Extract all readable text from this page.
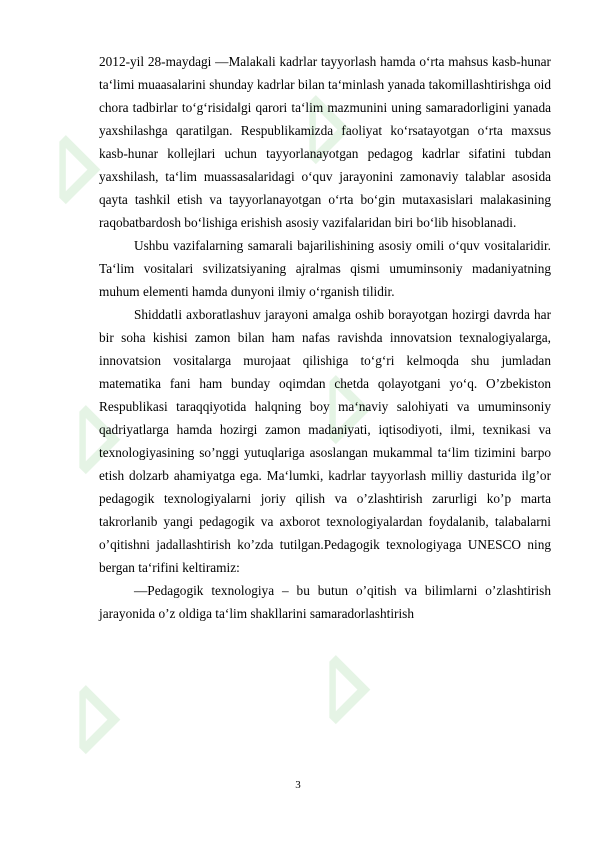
⊿ ⊿
⊿ ⊿
⊿ ⊿

2012-yil 28-maydagi ―Malakali kadrlar tayyorlash hamda o‘rta mahsus kasb-hunar ta‘limi muaasalarini shunday kadrlar bilan ta‘minlash yanada takomillashtirishga oid chora tadbirlar to‘g‘risida‖gi qarori ta‘lim mazmunini uning samaradorligini yanada yaxshilashga qaratilgan. Respublikamizda faoliyat ko‘rsatayotgan o‘rta maxsus kasb-hunar kollejlari uchun tayyorlanayotgan pedagog kadrlar sifatini tubdan yaxshilash, ta‘lim muassasalaridagi o‘quv jarayonini zamonaviy talablar asosida qayta tashkil etish va tayyorlanayotgan o‘rta bo‘gin mutaxasislari malakasining raqobatbardosh bo‘lishiga erishish asosiy vazifalaridan biri bo‘lib hisoblanadi.

Ushbu vazifalarning samarali bajarilishining asosiy omili o‘quv vositalaridir. Ta‘lim vositalari svilizatsiyaning ajralmas qismi umuminsoniy madaniyatning muhum elementi hamda dunyoni ilmiy o‘rganish tilidir.

Shiddatli axboratlashuv jarayoni amalga oshib borayotgan hozirgi davrda har bir soha kishisi zamon bilan ham nafas ravishda innovatsion texnalogiyalarga, innovatsion vositalarga murojaat qilishiga to‘g‘ri kelmoqda shu jumladan matematika fani ham bunday oqimdan chetda qolayotgani yo‘q. O’zbekiston Respublikasi taraqqiyotida halqning boy ma‘naviy salohiyati va umuminsoniy qadriyatlarga hamda hozirgi zamon madaniyati, iqtisodiyoti, ilmi, texnikasi va texnologiyasining so’nggi yutuqlariga asoslangan mukammal ta‘lim tizimini barpo etish dolzarb ahamiyatga ega. Ma‘lumki, kadrlar tayyorlash milliy dasturida ilg’or pedagogik texnologiyalarni joriy qilish va o’zlashtirish zarurligi ko’p marta takrorlanib yangi pedagogik va axborot texnologiyalardan foydalanib, talabalarni o’qitishni jadallashtirish ko’zda tutilgan.Pedagogik texnologiyaga UNESCO ning bergan ta‘rifini keltiramiz:

―Pedagogik texnologiya – bu butun o’qitish va bilimlarni o’zlashtirish jarayonida o’z oldiga ta‘lim shakllarini samaradorlashtirish

3
